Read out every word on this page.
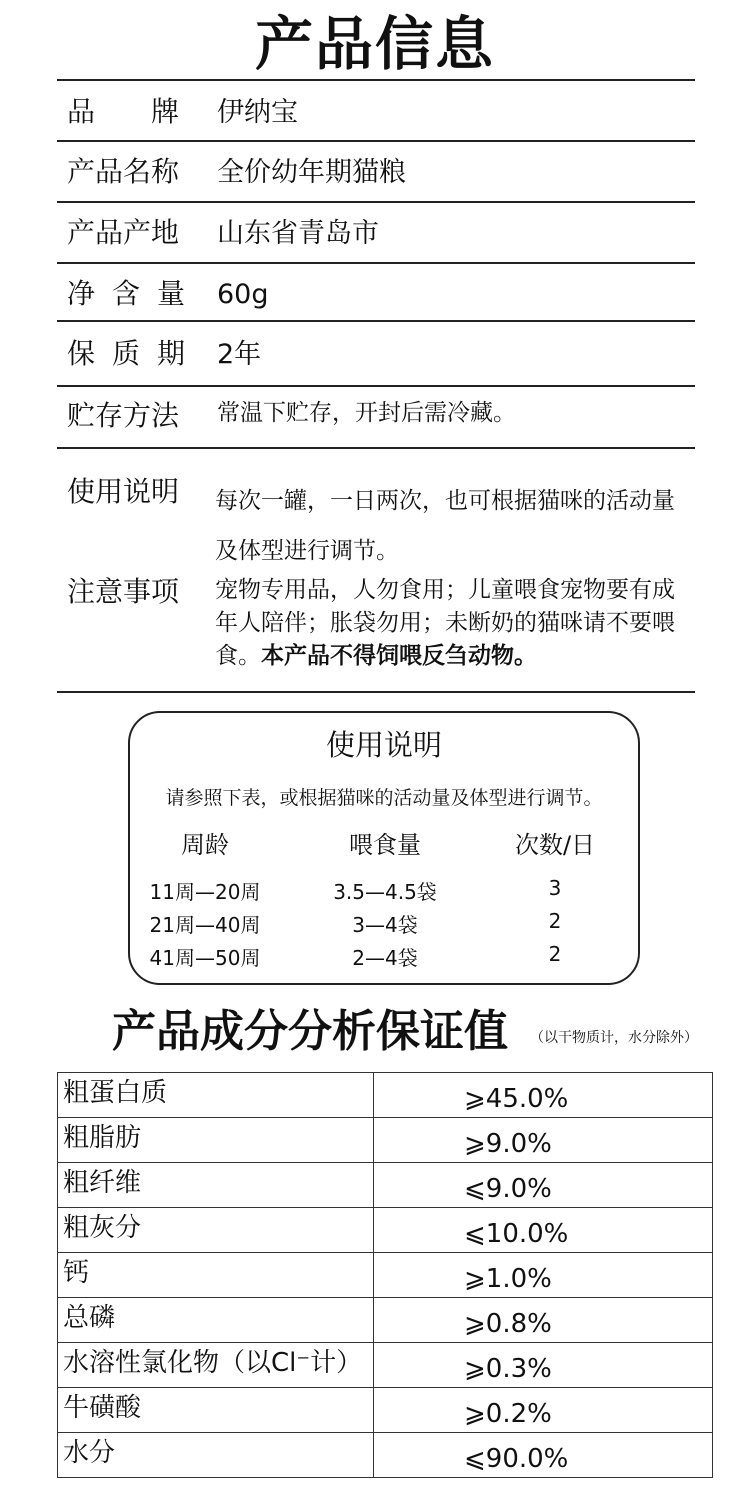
产品信息
品　　牌 伊纳宝
产品名称 全价幼年期猫粮
产品产地 山东省青岛市
净 含 量 60g
保 质 期 2年
贮存方法 常温下贮存，开封后需冷藏。
使用说明 每次一罐，一日两次，也可根据猫咪的活动量及体型进行调节。
注意事项 宠物专用品，人勿食用；儿童喂食宠物要有成年人陪伴；胀袋勿用；未断奶的猫咪请不要喂食。本产品不得饲喂反刍动物。
使用说明
请参照下表，或根据猫咪的活动量及体型进行调节。
周龄	喂食量	次数/日
11周—20周	3.5—4.5袋	3
21周—40周	3—4袋	2
41周—50周	2—4袋	2
产品成分分析保证值 （以干物质计，水分除外）
粗蛋白质	⩾45.0%
粗脂肪	⩾9.0%
粗纤维	⩽9.0%
粗灰分	⩽10.0%
钙	⩾1.0%
总磷	⩾0.8%
水溶性氯化物（以Cl⁻计）	⩾0.3%
牛磺酸	⩾0.2%
水分	⩽90.0%
